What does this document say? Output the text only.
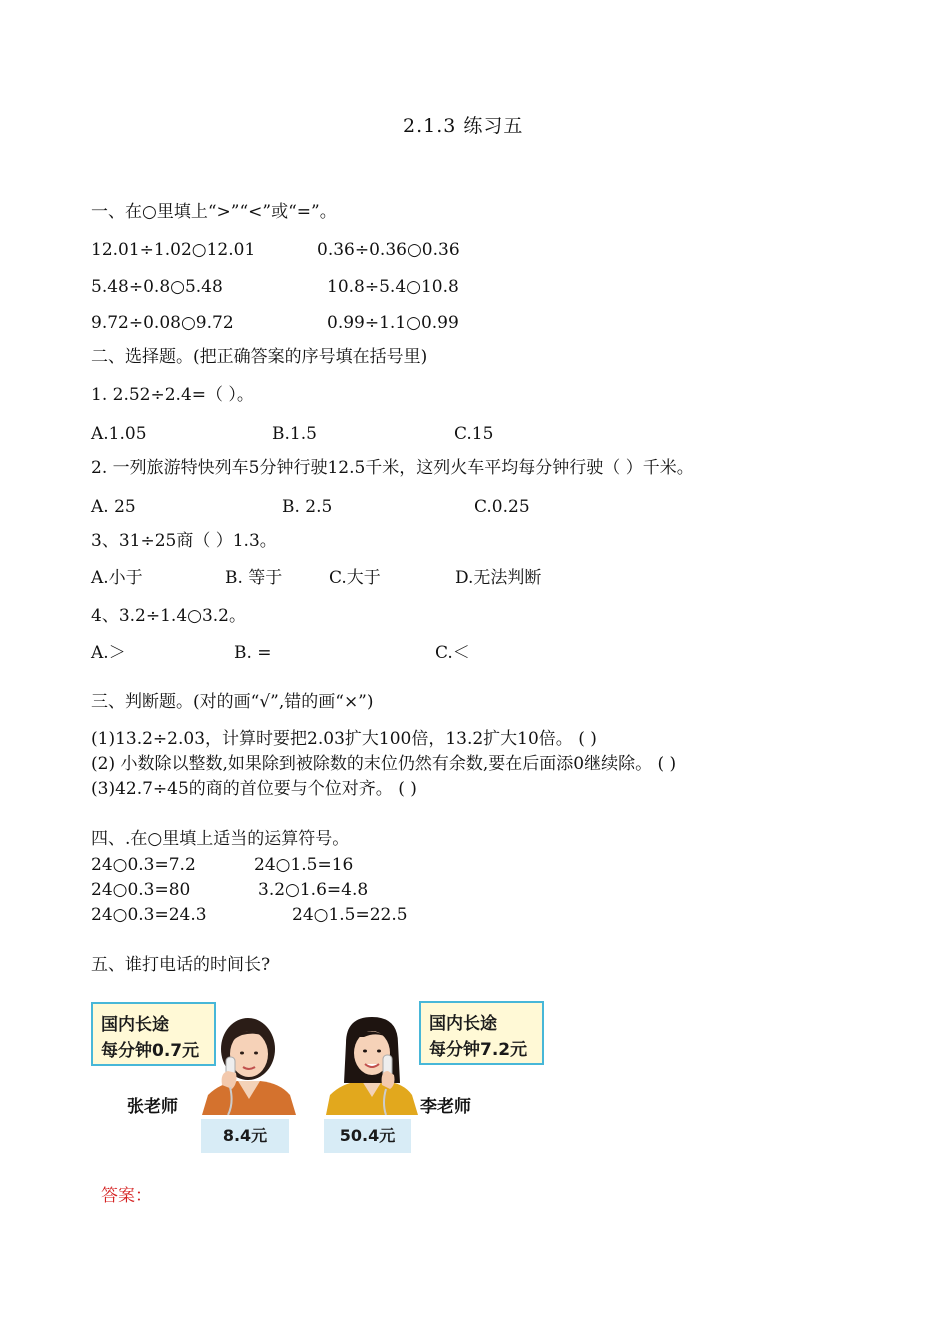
2.1.3 练习五
一、在○里填上“>”“<”或“=”。
12.01÷1.02○12.01	0.36÷0.36○0.36
5.48÷0.8○5.48	10.8÷5.4○10.8
9.72÷0.08○9.72	0.99÷1.1○0.99
二、选择题。(把正确答案的序号填在括号里)
1. 2.52÷2.4=（ ）。
A.1.05	B.1.5	C.15
2. 一列旅游特快列车5分钟行驶12.5千米，这列火车平均每分钟行驶（ ）千米。
A. 25	B. 2.5	C.0.25
3、31÷25商（ ）1.3。
A.小于	B. 等于	C.大于	D.无法判断
4、3.2÷1.4○3.2。
A.＞	B. =	C.＜
三、判断题。(对的画“√”,错的画“×”)
(1)13.2÷2.03，计算时要把2.03扩大100倍，13.2扩大10倍。 ( )
(2) 小数除以整数,如果除到被除数的末位仍然有余数,要在后面添0继续除。 ( )
(3)42.7÷45的商的首位要与个位对齐。 ( )
四、.在○里填上适当的运算符号。
24○0.3=7.2	24○1.5=16
24○0.3=80	3.2○1.6=4.8
24○0.3=24.3	24○1.5=22.5
五、谁打电话的时间长?
国内长途
每分钟0.7元
国内长途
每分钟7.2元
张老师	李老师
8.4元	50.4元
答案：
